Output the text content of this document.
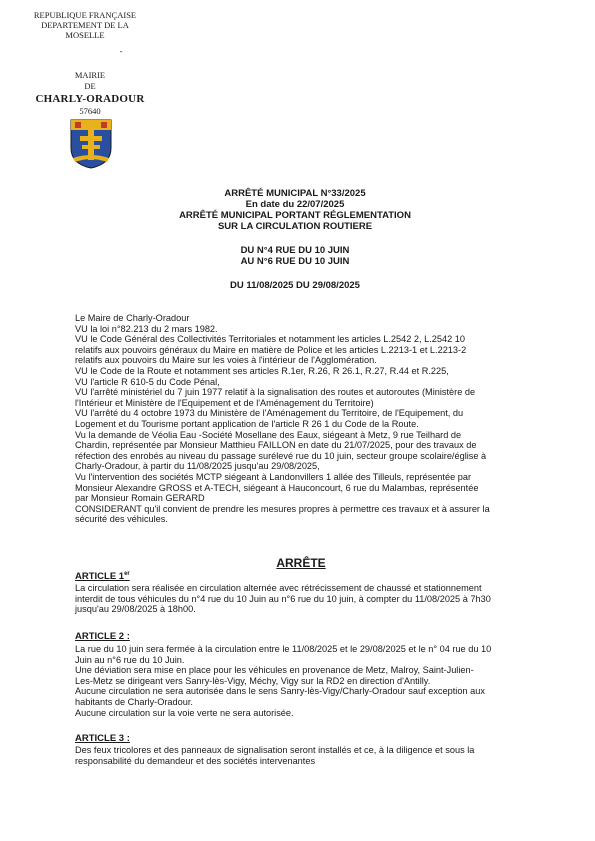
REPUBLIQUE FRANÇAISE
DEPARTEMENT DE LA
MOSELLE
-
MAIRIE
DE
CHARLY-ORADOUR
57640
ARRÊTÉ MUNICIPAL N°33/2025
En date du 22/07/2025
ARRÊTÉ MUNICIPAL PORTANT RÉGLEMENTATION
SUR LA CIRCULATION ROUTIERE
DU N°4 RUE DU 10 JUIN
AU N°6 RUE DU 10 JUIN
DU 11/08/2025 DU 29/08/2025
Le Maire de Charly-Oradour
VU la loi n°82.213 du 2 mars 1982.
VU le Code Général des Collectivités Territoriales et notamment les articles L.2542 2, L.2542 10
relatifs aux pouvoirs généraux du Maire en matière de Police et les articles L.2213-1 et L.2213-2
relatifs aux pouvoirs du Maire sur les voies à l'intérieur de l'Agglomération.
VU le Code de la Route et notamment ses articles R.1er, R.26, R 26.1, R.27, R.44 et R.225,
VU l'article R 610-5 du Code Pénal,
VU l'arrêté ministériel du 7 juin 1977 relatif à la signalisation des routes et autoroutes (Ministère de
l'Intérieur et Ministère de l'Equipement et de l'Aménagement du Territoire)
VU l'arrêté du 4 octobre 1973 du Ministère de l'Aménagement du Territoire, de l'Equipement, du
Logement et du Tourisme portant application de l'article R 26 1 du Code de la Route.
Vu la demande de Véolia Eau -Société Mosellane des Eaux, siégeant à Metz, 9 rue Teilhard de
Chardin, représentée par Monsieur Matthieu FAILLON en date du 21/07/2025, pour des travaux de
réfection des enrobés au niveau du passage surélevé rue du 10 juin, secteur groupe scolaire/église à
Charly-Oradour, à partir du 11/08/2025 jusqu'au 29/08/2025,
Vu l'intervention des sociétés MCTP siégeant à Landonvillers 1 allée des Tilleuls, représentée par
Monsieur Alexandre GROSS et A-TECH, siégeant à Hauconcourt, 6 rue du Malambas, représentée
par Monsieur Romain GERARD
CONSIDERANT qu'il convient de prendre les mesures propres à permettre ces travaux et à assurer la
sécurité des véhicules.
ARRÊTE
ARTICLE 1er
La circulation sera réalisée en circulation alternée avec rétrécissement de chaussé et stationnement
interdit de tous véhicules du n°4 rue du 10 Juin au n°6 rue du 10 juin, à compter du 11/08/2025 à 7h30
jusqu'au 29/08/2025 à 18h00.
ARTICLE 2 :
La rue du 10 juin sera fermée à la circulation entre le 11/08/2025 et le 29/08/2025 et le n° 04 rue du 10
Juin au n°6 rue du 10 Juin.
Une déviation sera mise en place pour les véhicules en provenance de Metz, Malroy, Saint-Julien-
Les-Metz se dirigeant vers Sanry-lès-Vigy, Méchy, Vigy sur la RD2 en direction d'Antilly.
Aucune circulation ne sera autorisée dans le sens Sanry-lès-Vigy/Charly-Oradour sauf exception aux
habitants de Charly-Oradour.
Aucune circulation sur la voie verte ne sera autorisée.
ARTICLE 3 :
Des feux tricolores et des panneaux de signalisation seront installés et ce, à la diligence et sous la
responsabilité du demandeur et des sociétés intervenantes
